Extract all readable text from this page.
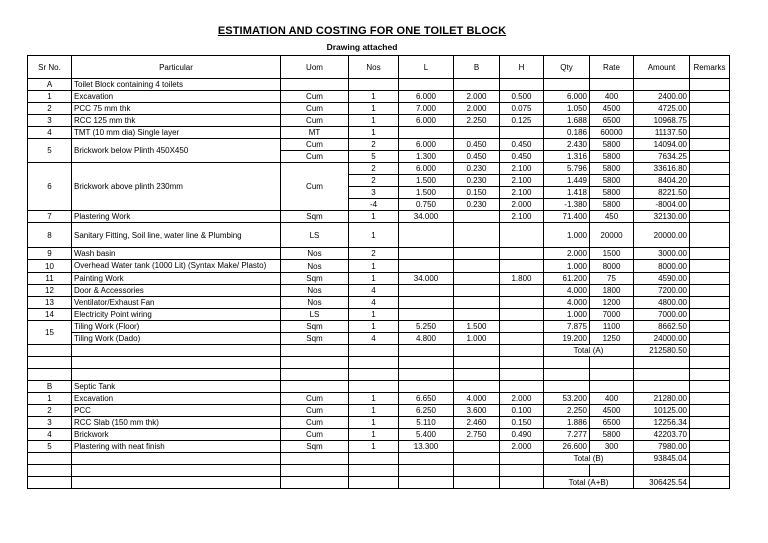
ESTIMATION AND COSTING FOR ONE TOILET BLOCK
Drawing attached
Sr No.	Particular	Uom	Nos	L	B	H	Qty	Rate	Amount	Remarks
A	Toilet Block containing 4 toilets									
1	Excavation	Cum	1	6.000	2.000	0.500	6.000	400	2400.00	
2	PCC 75 mm thk	Cum	1	7.000	2.000	0.075	1.050	4500	4725.00	
3	RCC 125 mm thk	Cum	1	6.000	2.250	0.125	1.688	6500	10968.75	
4	TMT (10 mm dia) Single layer	MT	1				0.186	60000	11137.50	
5	Brickwork below Plinth 450X450	Cum	2	6.000	0.450	0.450	2.430	5800	14094.00	
		Cum	5	1.300	0.450	0.450	1.316	5800	7634.25	
6	Brickwork above plinth 230mm	Cum	2	6.000	0.230	2.100	5.796	5800	33616.80	
			2	1.500	0.230	2.100	1.449	5800	8404.20	
			3	1.500	0.150	2.100	1.418	5800	8221.50	
			-4	0.750	0.230	2.000	-1.380	5800	-8004.00	
7	Plastering Work	Sqm	1	34.000		2.100	71.400	450	32130.00	
8	Sanitary Fitting, Soil line, water line & Plumbing	LS	1				1.000	20000	20000.00	
9	Wash basin	Nos	2				2.000	1500	3000.00	
10	Overhead Water tank (1000 Lit) (Syntax Make/ Plasto)	Nos	1				1.000	8000	8000.00	
11	Painting Work	Sqm	1	34.000		1.800	61.200	75	4590.00	
12	Door & Accessories	Nos	4				4.000	1800	7200.00	
13	Ventilator/Exhaust Fan	Nos	4				4.000	1200	4800.00	
14	Electricity Point wiring	LS	1				1.000	7000	7000.00	
15	Tiling Work (Floor)	Sqm	1	5.250	1.500		7.875	1100	8662.50	
	Tiling Work (Dado)	Sqm	4	4.800	1.000		19.200	1250	24000.00	
							Total (A)		212580.50	

B	Septic Tank									
1	Excavation	Cum	1	6.650	4.000	2.000	53.200	400	21280.00	
2	PCC	Cum	1	6.250	3.600	0.100	2.250	4500	10125.00	
3	RCC Slab (150 mm thk)	Cum	1	5.110	2.460	0.150	1.886	6500	12256.34	
4	Brickwork	Cum	1	5.400	2.750	0.490	7.277	5800	42203.70	
5	Plastering with neat finish	Sqm	1	13.300		2.000	26.600	300	7980.00	
							Total (B)		93845.04	

							Total (A+B)		306425.54	
